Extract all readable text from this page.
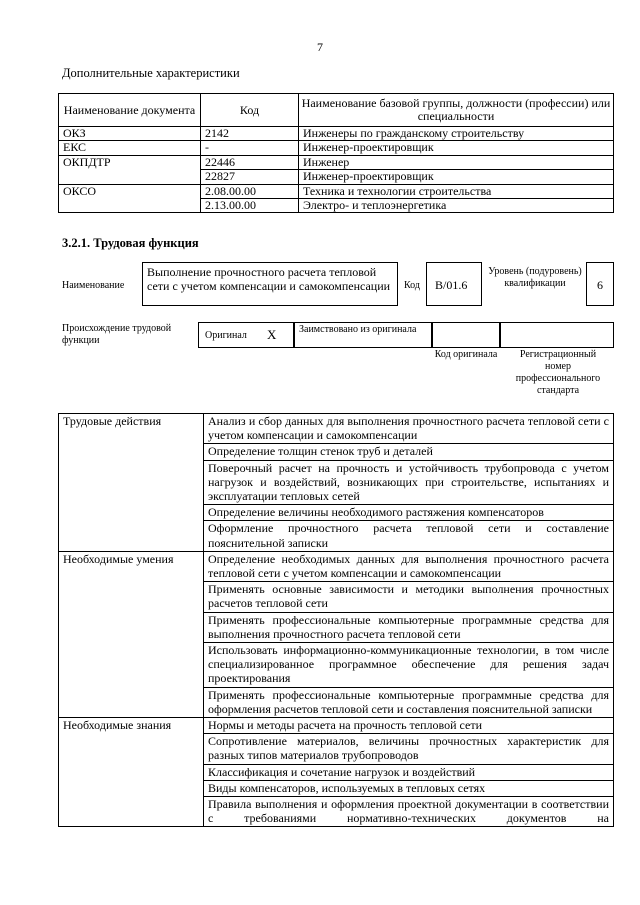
7
Дополнительные характеристики
Наименование документа	Код	Наименование базовой группы, должности (профессии) или специальности
ОКЗ	2142	Инженеры по гражданскому строительству
ЕКС	-	Инженер-проектировщик
ОКПДТР	22446	Инженер
	22827	Инженер-проектировщик
ОКСО	2.08.00.00	Техника и технологии строительства
	2.13.00.00	Электро- и теплоэнергетика
3.2.1. Трудовая функция
Наименование
Выполнение прочностного расчета тепловой сети с учетом компенсации и самокомпенсации	Код	B/01.6
Уровень (подуровень) квалификации	6
Происхождение трудовой функции	Оригинал X	Заимствовано из оригинала
Код оригинала	Регистрационный номер профессионального стандарта
Трудовые действия	Анализ и сбор данных для выполнения прочностного расчета тепловой сети с учетом компенсации и самокомпенсации
	Определение толщин стенок труб и деталей
	Поверочный расчет на прочность и устойчивость трубопровода с учетом нагрузок и воздействий, возникающих при строительстве, испытаниях и эксплуатации тепловых сетей
	Определение величины необходимого растяжения компенсаторов
	Оформление прочностного расчета тепловой сети и составление пояснительной записки
Необходимые умения	Определение необходимых данных для выполнения прочностного расчета тепловой сети с учетом компенсации и самокомпенсации
	Применять основные зависимости и методики выполнения прочностных расчетов тепловой сети
	Применять профессиональные компьютерные программные средства для выполнения прочностного расчета тепловой сети
	Использовать информационно-коммуникационные технологии, в том числе специализированное программное обеспечение для решения задач проектирования
	Применять профессиональные компьютерные программные средства для оформления расчетов тепловой сети и составления пояснительной записки
Необходимые знания	Нормы и методы расчета на прочность тепловой сети
	Сопротивление материалов, величины прочностных характеристик для разных типов материалов трубопроводов
	Классификация и сочетание нагрузок и воздействий
	Виды компенсаторов, используемых в тепловых сетях
	Правила выполнения и оформления проектной документации в соответствии с требованиями нормативно-технических документов на
